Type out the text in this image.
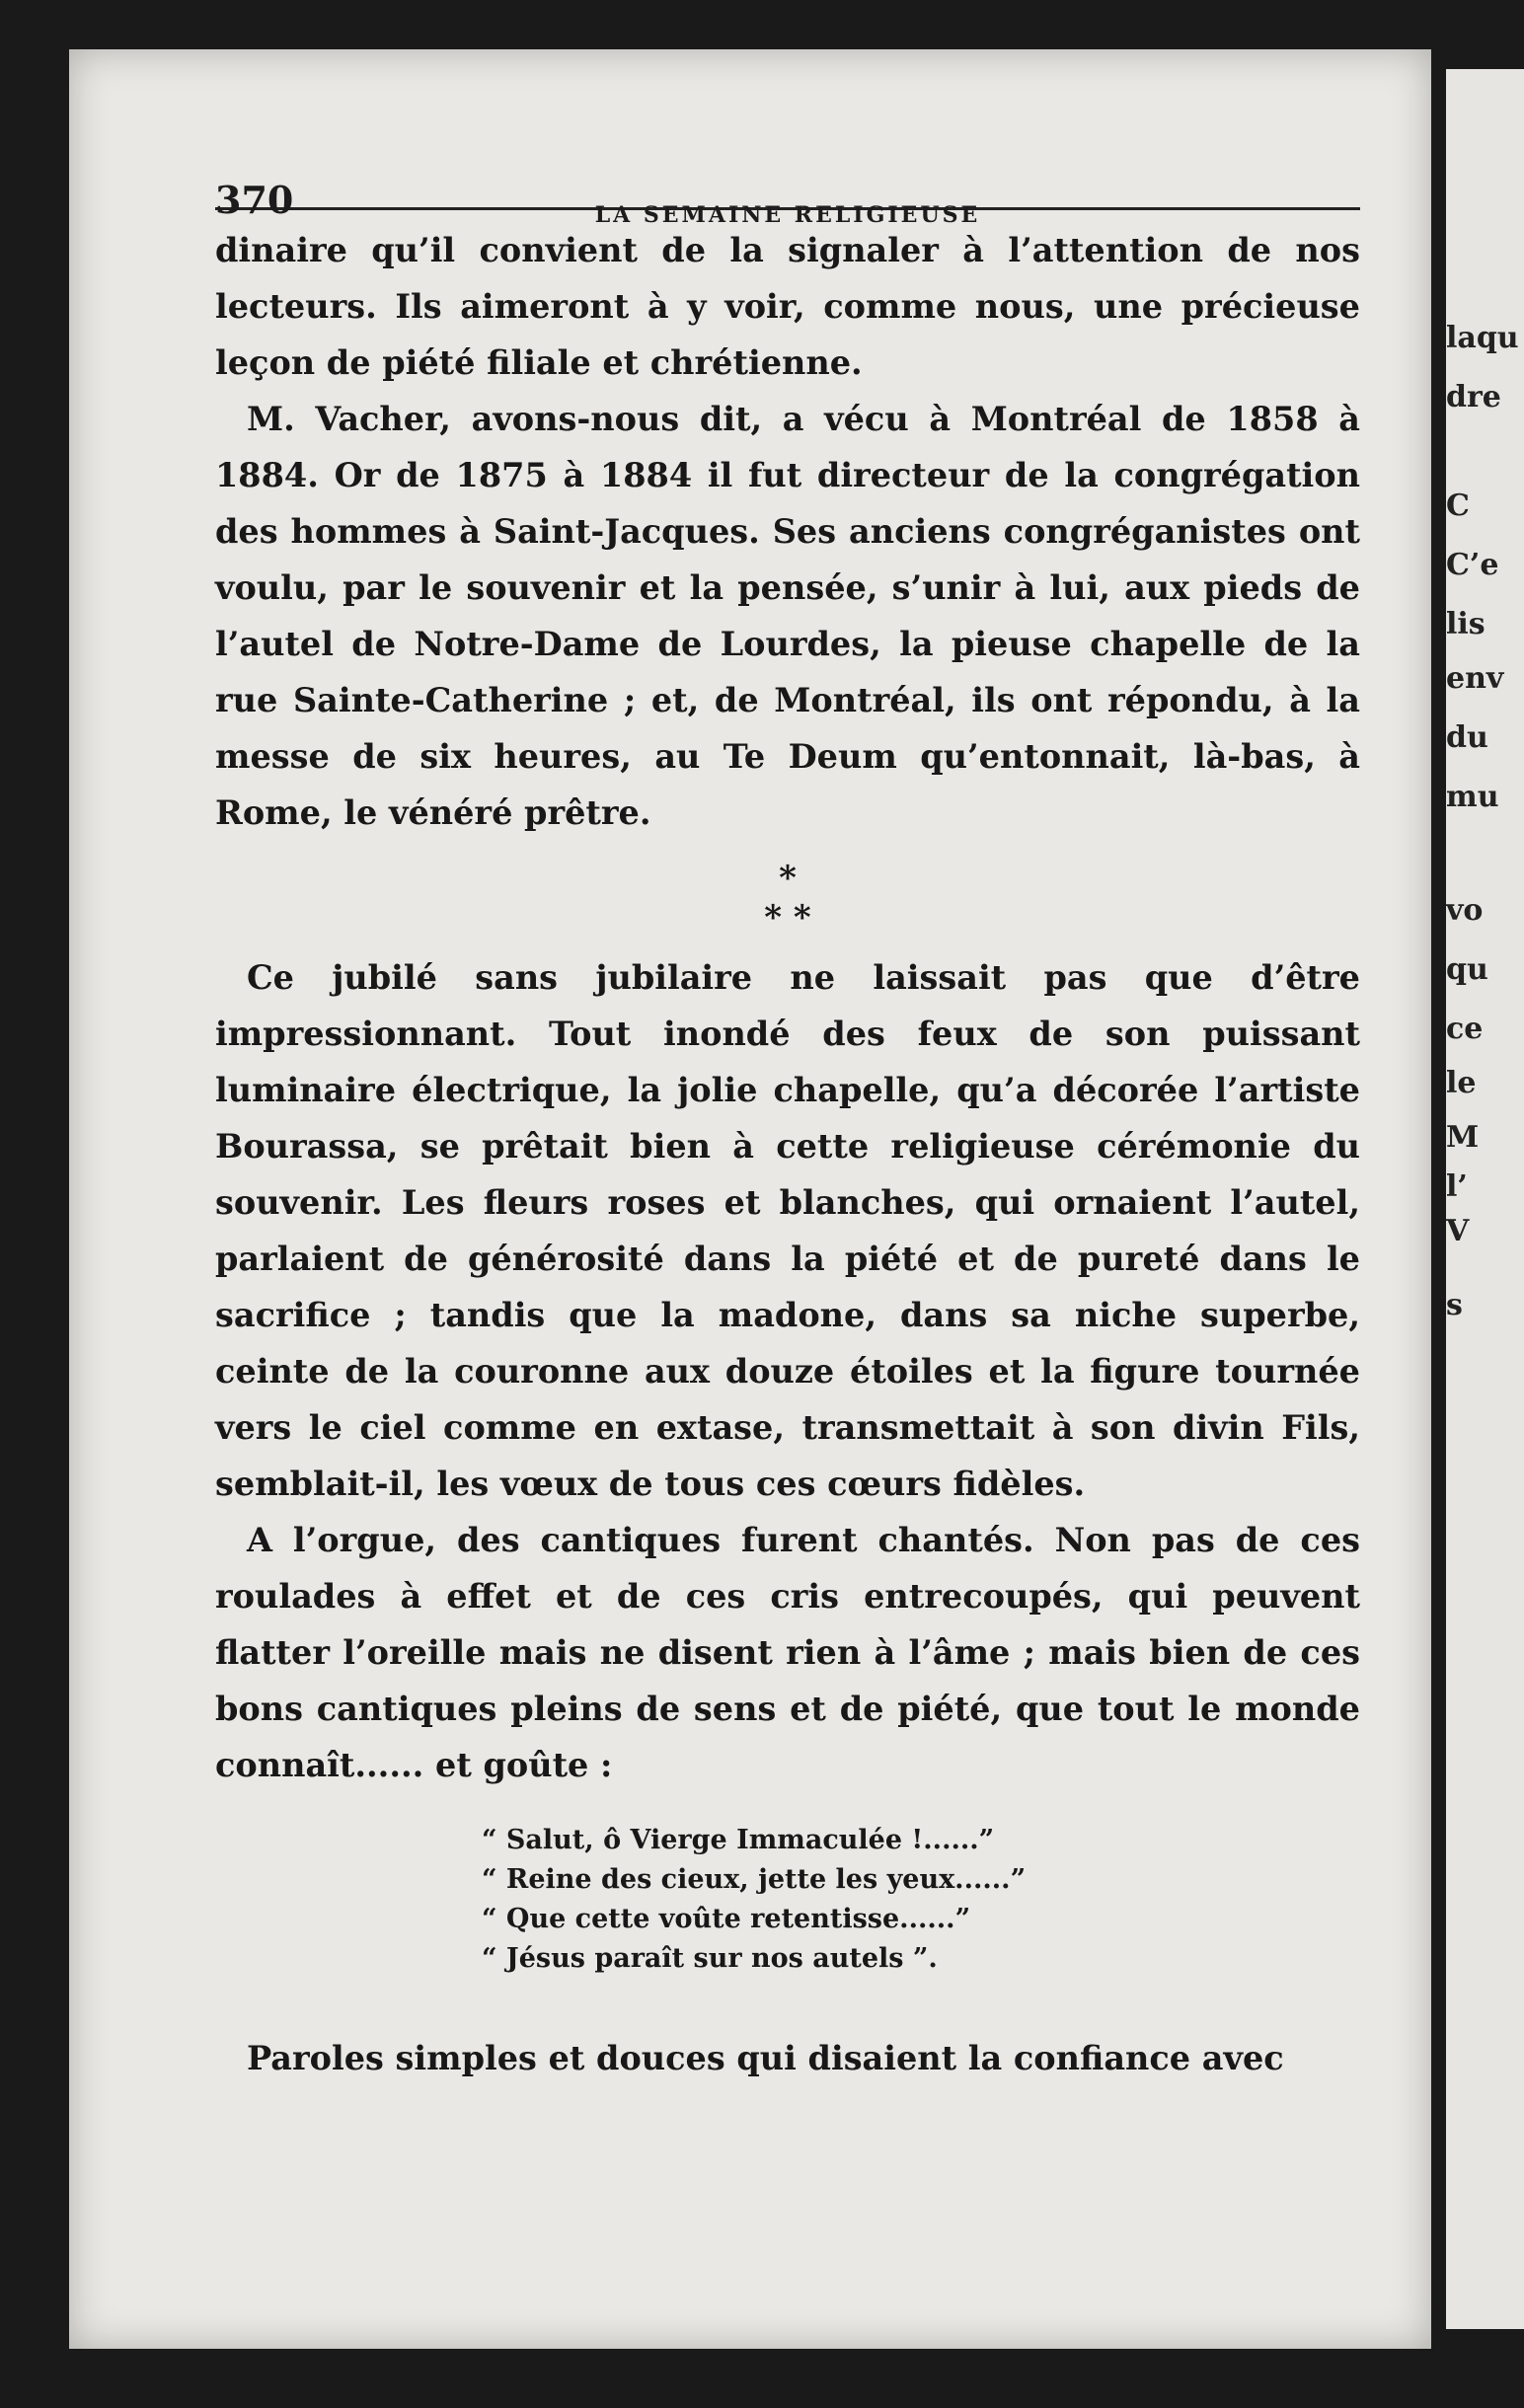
laqu
dre
C
C’e
lis
env
du
mu
vo
qu
ce
le
M
l’
V
s
370	LA SEMAINE RELIGIEUSE

dinaire qu’il convient de la signaler à l’attention de nos lecteurs. Ils aimeront à y voir, comme nous, une précieuse leçon de piété filiale et chrétienne.

M. Vacher, avons-nous dit, a vécu à Montréal de 1858 à 1884. Or de 1875 à 1884 il fut directeur de la congrégation des hommes à Saint-Jacques. Ses anciens congréganistes ont voulu, par le souvenir et la pensée, s’unir à lui, aux pieds de l’autel de Notre-Dame de Lourdes, la pieuse chapelle de la rue Sainte-Catherine ; et, de Montréal, ils ont répondu, à la messe de six heures, au Te Deum qu’entonnait, là-bas, à Rome, le vénéré prêtre.

*
* *

Ce jubilé sans jubilaire ne laissait pas que d’être impressionnant. Tout inondé des feux de son puissant luminaire électrique, la jolie chapelle, qu’a décorée l’artiste Bourassa, se prêtait bien à cette religieuse cérémonie du souvenir. Les fleurs roses et blanches, qui ornaient l’autel, parlaient de générosité dans la piété et de pureté dans le sacrifice ; tandis que la madone, dans sa niche superbe, ceinte de la couronne aux douze étoiles et la figure tournée vers le ciel comme en extase, transmettait à son divin Fils, semblait-il, les vœux de tous ces cœurs fidèles.

A l’orgue, des cantiques furent chantés. Non pas de ces roulades à effet et de ces cris entrecoupés, qui peuvent flatter l’oreille mais ne disent rien à l’âme ; mais bien de ces bons cantiques pleins de sens et de piété, que tout le monde connaît...... et goûte :

“ Salut, ô Vierge Immaculée !......”
“ Reine des cieux, jette les yeux......”
“ Que cette voûte retentisse......”
“ Jésus paraît sur nos autels ”.

Paroles simples et douces qui disaient la confiance avec
